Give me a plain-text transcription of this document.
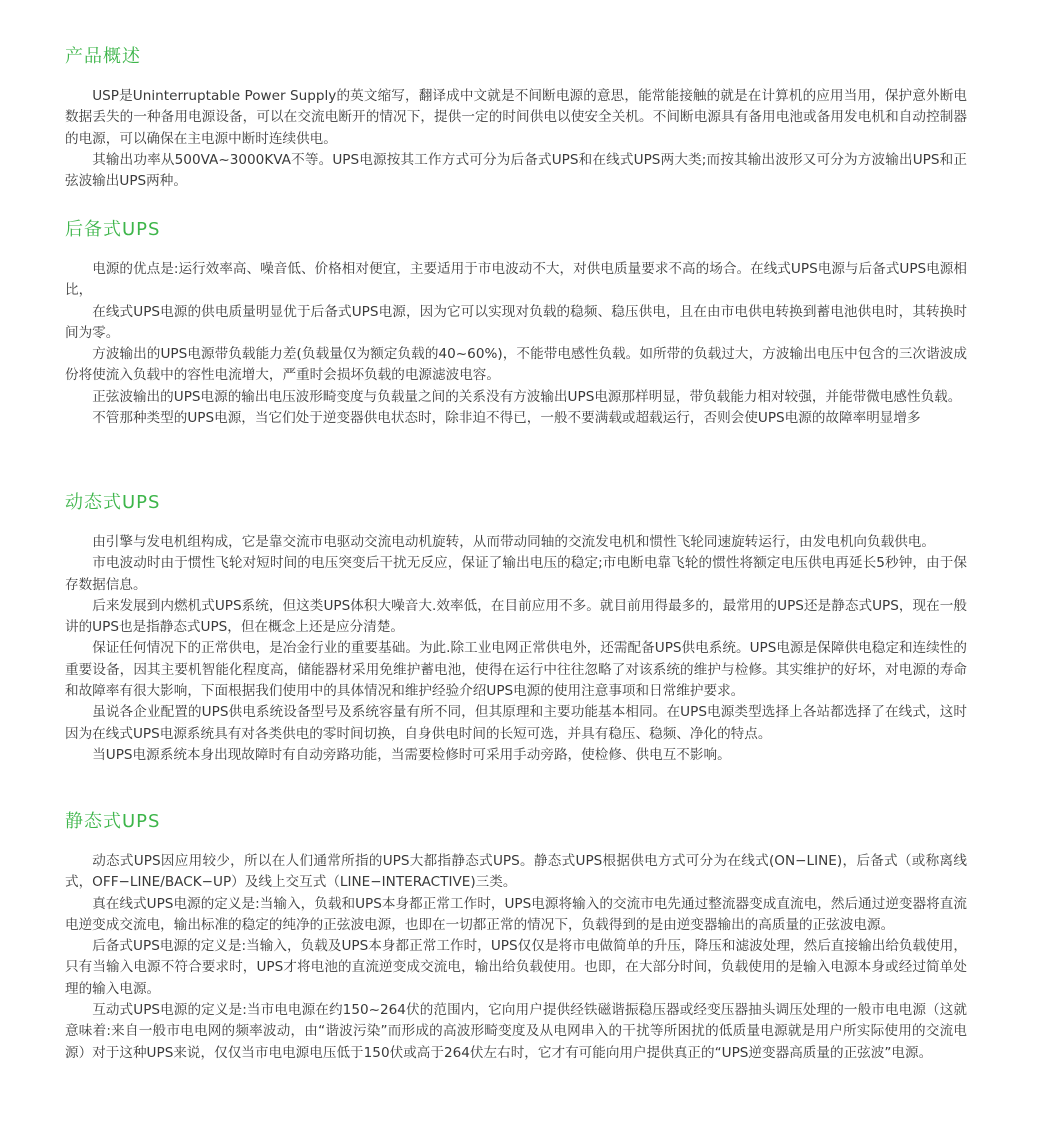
产品概述

USP是Uninterruptable Power Supply的英文缩写，翻译成中文就是不间断电源的意思，能常能接触的就是在计算机的应用当用，保护意外断电数据丢失的一种备用电源设备，可以在交流电断开的情况下，提供一定的时间供电以使安全关机。不间断电源具有备用电池或备用发电机和自动控制器的电源，可以确保在主电源中断时连续供电。

其输出功率从500VA~3000KVA不等。UPS电源按其工作方式可分为后备式UPS和在线式UPS两大类;而按其输出波形又可分为方波输出UPS和正弦波输出UPS两种。

后备式UPS

电源的优点是:运行效率高、噪音低、价格相对便宜，主要适用于市电波动不大，对供电质量要求不高的场合。在线式UPS电源与后备式UPS电源相比，

在线式UPS电源的供电质量明显优于后备式UPS电源，因为它可以实现对负载的稳频、稳压供电，且在由市电供电转换到蓄电池供电时，其转换时间为零。

方波输出的UPS电源带负载能力差(负载量仅为额定负载的40~60%)，不能带电感性负载。如所带的负载过大，方波输出电压中包含的三次谐波成份将使流入负载中的容性电流增大，严重时会损坏负载的电源滤波电容。

正弦波输出的UPS电源的输出电压波形畸变度与负载量之间的关系没有方波输出UPS电源那样明显，带负载能力相对较强，并能带微电感性负载。

不管那种类型的UPS电源，当它们处于逆变器供电状态时，除非迫不得已，一般不要满载或超载运行，否则会使UPS电源的故障率明显增多

动态式UPS

由引擎与发电机组构成，它是靠交流市电驱动交流电动机旋转，从而带动同轴的交流发电机和惯性飞轮同速旋转运行，由发电机向负载供电。

市电波动时由于惯性飞轮对短时间的电压突变后干扰无反应，保证了输出电压的稳定;市电断电靠飞轮的惯性将额定电压供电再延长5秒钟，由于保存数据信息。

后来发展到内燃机式UPS系统，但这类UPS体积大噪音大.效率低，在目前应用不多。就目前用得最多的，最常用的UPS还是静态式UPS，现在一般讲的UPS也是指静态式UPS，但在概念上还是应分清楚。

保证任何情况下的正常供电，是冶金行业的重要基础。为此.除工业电网正常供电外，还需配备UPS供电系统。UPS电源是保障供电稳定和连续性的重要设备，因其主要机智能化程度高，储能器材采用免维护蓄电池，使得在运行中往往忽略了对该系统的维护与检修。其实维护的好坏，对电源的寿命和故障率有很大影响，下面根据我们使用中的具体情况和维护经验介绍UPS电源的使用注意事项和日常维护要求。

虽说各企业配置的UPS供电系统设备型号及系统容量有所不同，但其原理和主要功能基本相同。在UPS电源类型选择上各站都选择了在线式，这时因为在线式UPS电源系统具有对各类供电的零时间切换，自身供电时间的长短可选，并具有稳压、稳频、净化的特点。

当UPS电源系统本身出现故障时有自动旁路功能，当需要检修时可采用手动旁路，使检修、供电互不影响。

静态式UPS

动态式UPS因应用较少，所以在人们通常所指的UPS大都指静态式UPS。静态式UPS根据供电方式可分为在线式(ON−LINE)，后备式（或称离线式，OFF−LINE/BACK−UP）及线上交互式（LINE−INTERACTIVE)三类。

真在线式UPS电源的定义是:当输入，负载和UPS本身都正常工作时，UPS电源将输入的交流市电先通过整流器变成直流电，然后通过逆变器将直流电逆变成交流电，输出标准的稳定的纯净的正弦波电源，也即在一切都正常的情况下，负载得到的是由逆变器输出的高质量的正弦波电源。

后备式UPS电源的定义是:当输入，负载及UPS本身都正常工作时，UPS仅仅是将市电做简单的升压，降压和滤波处理，然后直接输出给负载使用，只有当输入电源不符合要求时，UPS才将电池的直流逆变成交流电，输出给负载使用。也即，在大部分时间，负载使用的是输入电源本身或经过简单处理的输入电源。

互动式UPS电源的定义是:当市电电源在约150~264伏的范围内，它向用户提供经铁磁谐振稳压器或经变压器抽头调压处理的一般市电电源（这就意味着:来自一般市电电网的频率波动，由“谐波污染”而形成的高波形畸变度及从电网串入的干扰等所困扰的低质量电源就是用户所实际使用的交流电源）对于这种UPS来说，仅仅当市电电源电压低于150伏或高于264伏左右时，它才有可能向用户提供真正的“UPS逆变器高质量的正弦波”电源。
